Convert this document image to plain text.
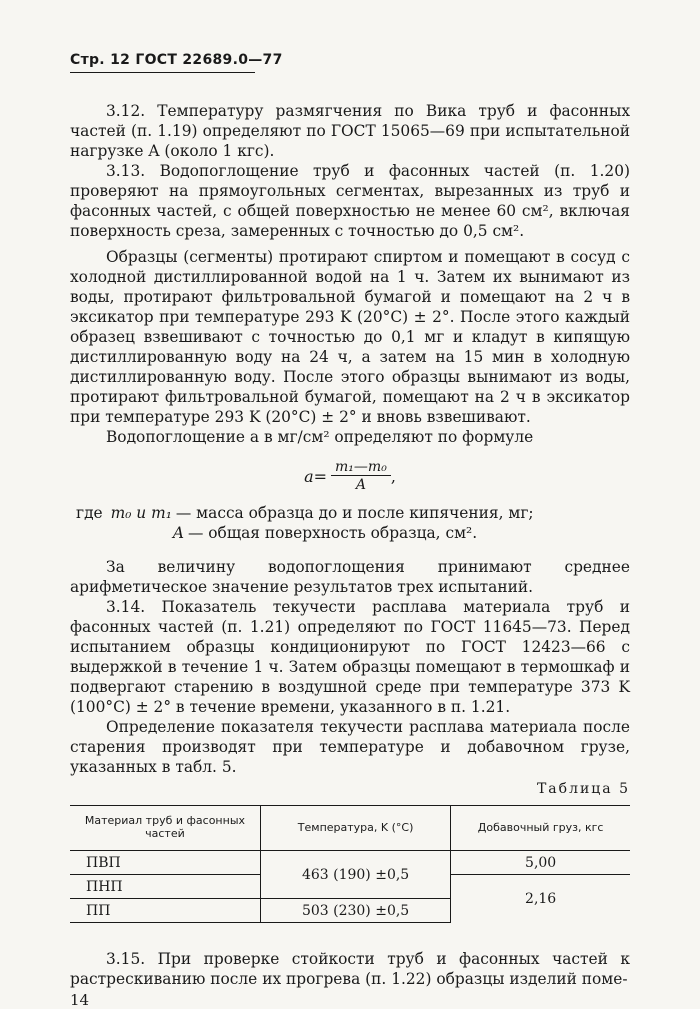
Стр. 12 ГОСТ 22689.0—77

3.12. Температуру размягчения по Вика труб и фасонных частей (п. 1.19) определяют по ГОСТ 15065—69 при испытательной нагрузке A (около 1 кгс).

3.13. Водопоглощение труб и фасонных частей (п. 1.20) проверяют на прямоугольных сегментах, вырезанных из труб и фасонных частей, с общей поверхностью не менее 60 см², включая поверхность среза, замеренных с точностью до 0,5 см².

Образцы (сегменты) протирают спиртом и помещают в сосуд с холодной дистиллированной водой на 1 ч. Затем их вынимают из воды, протирают фильтровальной бумагой и помещают на 2 ч в эксикатор при температуре 293 K (20°C) ± 2°. После этого каждый образец взвешивают с точностью до 0,1 мг и кладут в кипящую дистиллированную воду на 24 ч, а затем на 15 мин в холодную дистиллированную воду. После этого образцы вынимают из воды, протирают фильтровальной бумагой, помещают на 2 ч в эксикатор при температуре 293 K (20°C) ± 2° и вновь взвешивают.

Водопоглощение a в мг/см² определяют по формуле

$a= \frac{\text{m₁—m₀}}{A}$ ,
где m₀ и m₁ — масса образца до и после кипячения, мг;
A — общая поверхность образца, см².

За величину водопоглощения принимают среднее арифметическое значение результатов трех испытаний.

3.14. Показатель текучести расплава материала труб и фасонных частей (п. 1.21) определяют по ГОСТ 11645—73. Перед испытанием образцы кондиционируют по ГОСТ 12423—66 с выдержкой в течение 1 ч. Затем образцы помещают в термошкаф и подвергают старению в воздушной среде при температуре 373 K (100°C) ± 2° в течение времени, указанного в п. 1.21.

Определение показателя текучести расплава материала после старения производят при температуре и добавочном грузе, указанных в табл. 5.

Таблица 5
Материал труб и фасонных частей	Температура, K (°C)	Добавочный груз, кгс
ПВП	463 (190) ±0,5	5,00
ПНП		2,16
ПП	503 (230) ±0,5	

3.15. При проверке стойкости труб и фасонных частей к растрескиванию после их прогрева (п. 1.22) образцы изделий поме-

14
